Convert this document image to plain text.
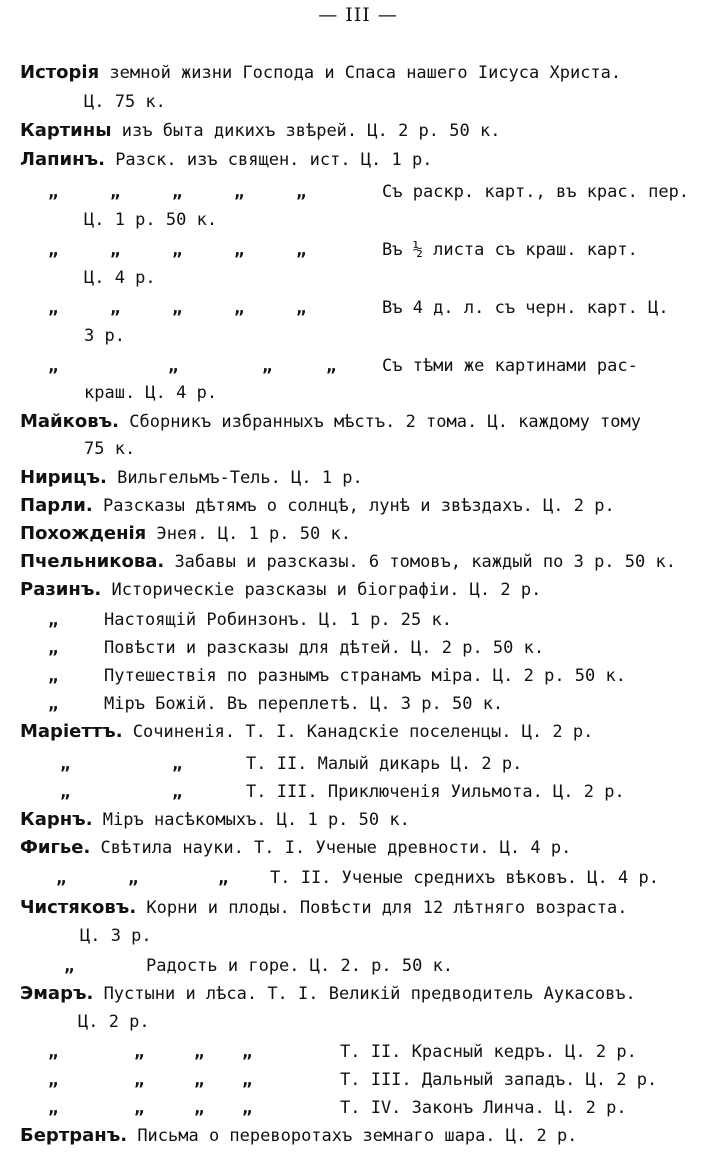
— III —
Исторія земной жизни Господа и Спаса нашего Іисуса Христа.
Ц. 75 к.
Картины изъ быта дикихъ звѣрей. Ц. 2 р. 50 к.
Лапинъ. Разск. изъ священ. ист. Ц. 1 р.
„	„	„	„	„	Съ раскр. карт., въ крас. пер.
Ц. 1 р. 50 к.
„	„	„	„	„	Въ ½ листа съ краш. карт.
Ц. 4 р.
„	„	„	„	„	Въ 4 д. л. съ черн. карт. Ц.
3 р.
„	„	„	„	Съ тѣми же картинами рас-
краш. Ц. 4 р.
Майковъ. Сборникъ избранныхъ мѣстъ. 2 тома. Ц. каждому тому
75 к.
Нирицъ. Вильгельмъ-Тель. Ц. 1 р.
Парли. Разсказы дѣтямъ о солнцѣ, лунѣ и звѣздахъ. Ц. 2 р.
Похожденія Энея. Ц. 1 р. 50 к.
Пчельникова. Забавы и разсказы. 6 томовъ, каждый по 3 р. 50 к.
Разинъ. Историческіе разсказы и біографіи. Ц. 2 р.
„	Настоящій Робинзонъ. Ц. 1 р. 25 к.
„	Повѣсти и разсказы для дѣтей. Ц. 2 р. 50 к.
„	Путешествія по разнымъ странамъ міра. Ц. 2 р. 50 к.
„	Міръ Божій. Въ переплетѣ. Ц. 3 р. 50 к.
Маріеттъ. Сочиненія. Т. I. Канадскіе поселенцы. Ц. 2 р.
„	„	Т. II. Малый дикарь Ц. 2 р.
„	„	Т. III. Приключенія Уильмота. Ц. 2 р.
Карнъ. Міръ насѣкомыхъ. Ц. 1 р. 50 к.
Фигье. Свѣтила науки. Т. I. Ученые древности. Ц. 4 р.
„	„	„ Т. II. Ученые среднихъ вѣковъ. Ц. 4 р.
Чистяковъ. Корни и плоды. Повѣсти для 12 лѣтняго возраста.
Ц. 3 р.
„	Радость и горе. Ц. 2. р. 50 к.
Эмаръ. Пустыни и лѣса. Т. I. Великій предводитель Аукасовъ.
Ц. 2 р.
„	„	„ „	Т. II. Красный кедръ. Ц. 2 р.
„	„	„ „	Т. III. Дальный западъ. Ц. 2 р.
„	„	„ „	Т. IV. Законъ Линча. Ц. 2 р.
Бертранъ. Письма о переворотахъ земнаго шара. Ц. 2 р.
